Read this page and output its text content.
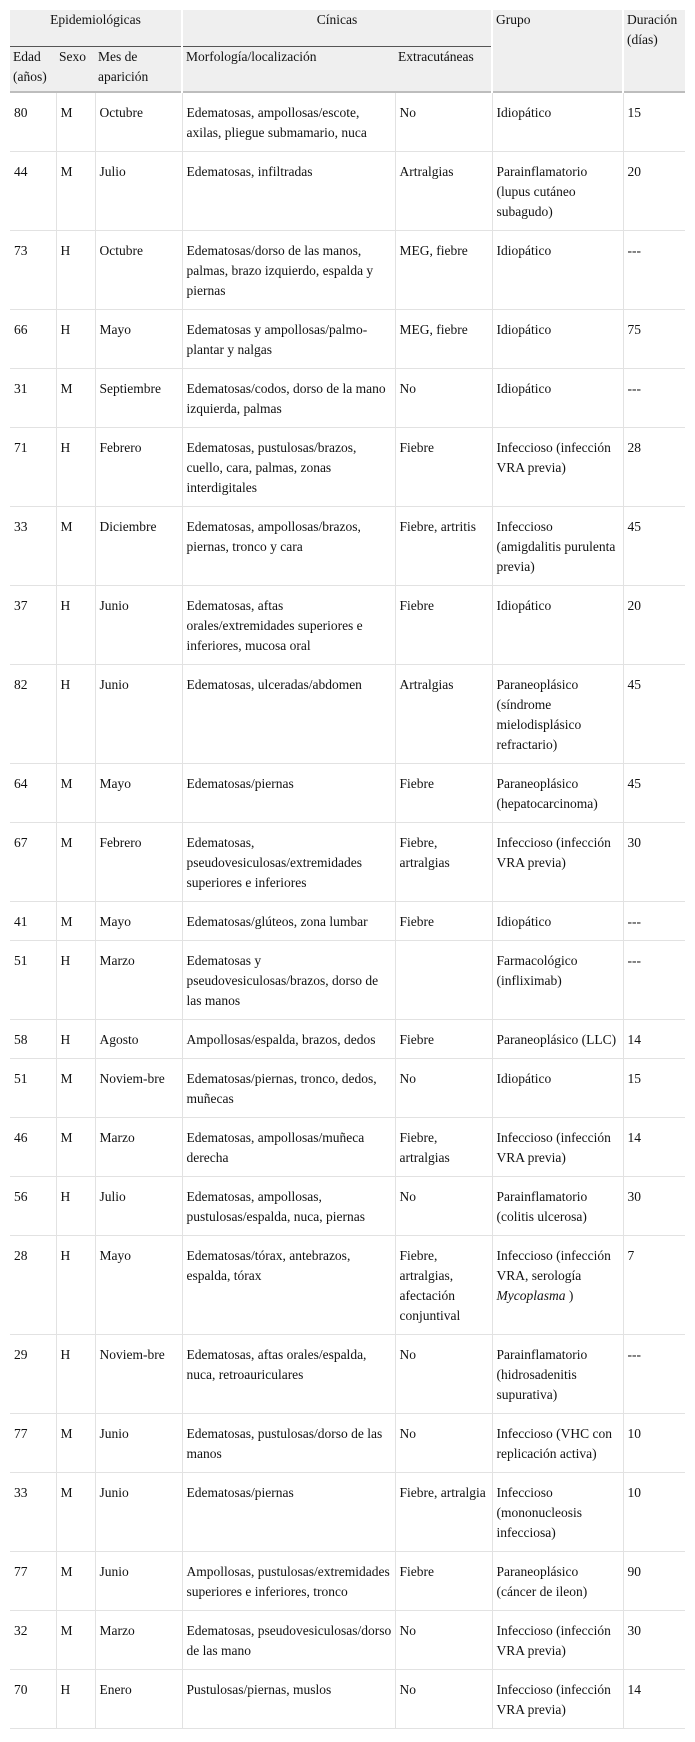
Epidemiológicas			Cínicas		Grupo	Duración (días)
Edad (años)	Sexo	Mes de aparición	Morfología/localización	Extracutáneas		
80	M	Octubre	Edematosas, ampollosas/escote, axilas, pliegue submamario, nuca	No	Idiopático	15
44	M	Julio	Edematosas, infiltradas	Artralgias	Parainflamatorio (lupus cutáneo subagudo)	20
73	H	Octubre	Edematosas/dorso de las manos, palmas, brazo izquierdo, espalda y piernas	MEG, fiebre	Idiopático	---
66	H	Mayo	Edematosas y ampollosas/palmo-plantar y nalgas	MEG, fiebre	Idiopático	75
31	M	Septiembre	Edematosas/codos, dorso de la mano izquierda, palmas	No	Idiopático	---
71	H	Febrero	Edematosas, pustulosas/brazos, cuello, cara, palmas, zonas interdigitales	Fiebre	Infeccioso (infección VRA previa)	28
33	M	Diciembre	Edematosas, ampollosas/brazos, piernas, tronco y cara	Fiebre, artritis	Infeccioso (amigdalitis purulenta previa)	45
37	H	Junio	Edematosas, aftas orales/extremidades superiores e inferiores, mucosa oral	Fiebre	Idiopático	20
82	H	Junio	Edematosas, ulceradas/abdomen	Artralgias	Paraneoplásico (síndrome mielodisplásico refractario)	45
64	M	Mayo	Edematosas/piernas	Fiebre	Paraneoplásico (hepatocarcinoma)	45
67	M	Febrero	Edematosas, pseudovesiculosas/extremidades superiores e inferiores	Fiebre, artralgias	Infeccioso (infección VRA previa)	30
41	M	Mayo	Edematosas/glúteos, zona lumbar	Fiebre	Idiopático	---
51	H	Marzo	Edematosas y pseudovesiculosas/brazos, dorso de las manos		Farmacológico (infliximab)	---
58	H	Agosto	Ampollosas/espalda, brazos, dedos	Fiebre	Paraneoplásico (LLC)	14
51	M	Noviem-bre	Edematosas/piernas, tronco, dedos, muñecas	No	Idiopático	15
46	M	Marzo	Edematosas, ampollosas/muñeca derecha	Fiebre, artralgias	Infeccioso (infección VRA previa)	14
56	H	Julio	Edematosas, ampollosas, pustulosas/espalda, nuca, piernas	No	Parainflamatorio (colitis ulcerosa)	30
28	H	Mayo	Edematosas/tórax, antebrazos, espalda, tórax	Fiebre, artralgias, afectación conjuntival	Infeccioso (infección VRA, serología Mycoplasma )	7
29	H	Noviem-bre	Edematosas, aftas orales/espalda, nuca, retroauriculares	No	Parainflamatorio (hidrosadenitis supurativa)	---
77	M	Junio	Edematosas, pustulosas/dorso de las manos	No	Infeccioso (VHC con replicación activa)	10
33	M	Junio	Edematosas/piernas	Fiebre, artralgia	Infeccioso (mononucleosis infecciosa)	10
77	M	Junio	Ampollosas, pustulosas/extremidades superiores e inferiores, tronco	Fiebre	Paraneoplásico (cáncer de ileon)	90
32	M	Marzo	Edematosas, pseudovesiculosas/dorso de las mano	No	Infeccioso (infección VRA previa)	30
70	H	Enero	Pustulosas/piernas, muslos	No	Infeccioso (infección VRA previa)	14
